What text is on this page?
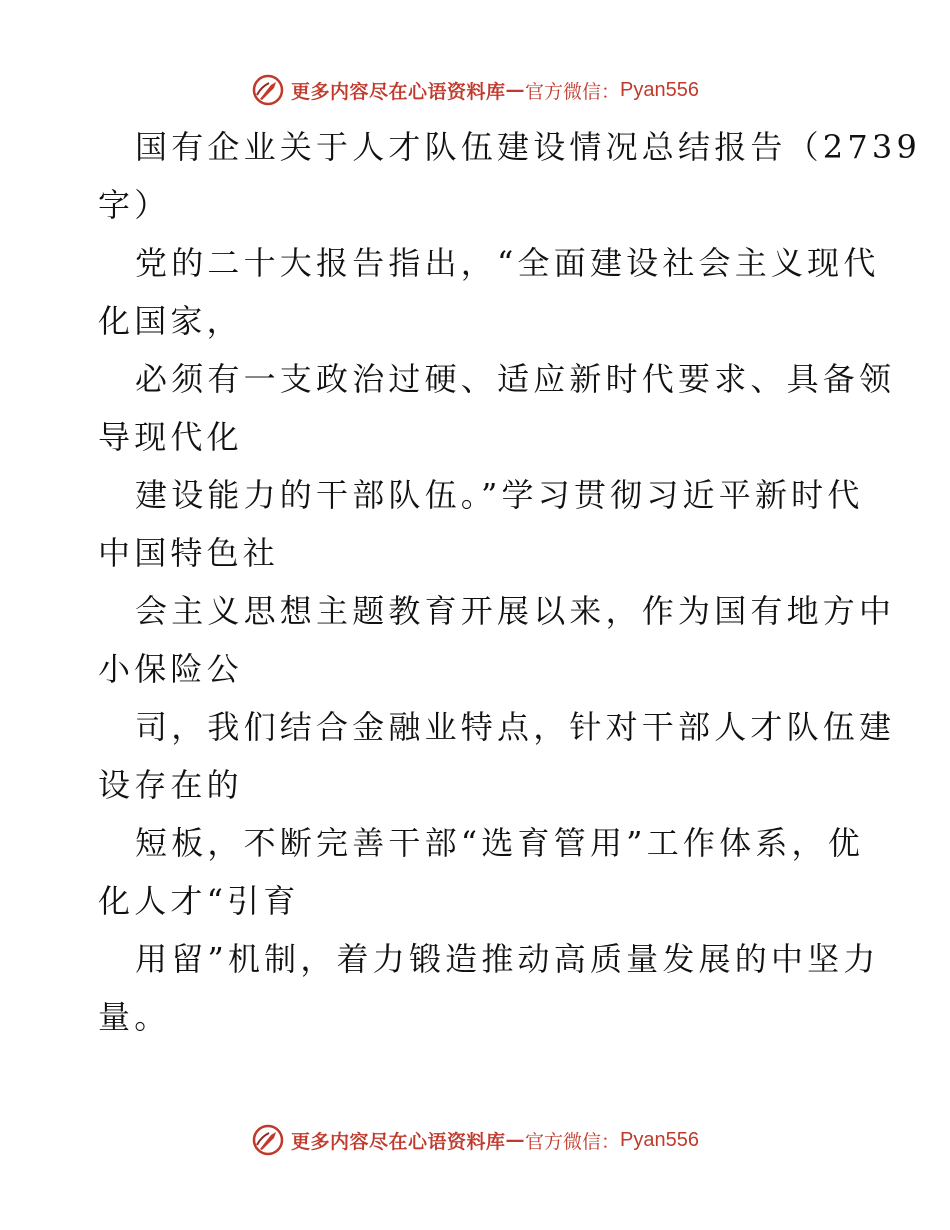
更多内容尽在心语资料库 — 官方微信： Pyan556
国有企业关于人才队伍建设情况总结报告（2739
字）
党的二十大报告指出，“全面建设社会主义现代
化国家，
必须有一支政治过硬、适应新时代要求、具备领
导现代化
建设能力的干部队伍。”学习贯彻习近平新时代
中国特色社
会主义思想主题教育开展以来，作为国有地方中
小保险公
司，我们结合金融业特点，针对干部人才队伍建
设存在的
短板，不断完善干部“选育管用”工作体系，优
化人才“引育
用留”机制，着力锻造推动高质量发展的中坚力
量。
更多内容尽在心语资料库 — 官方微信： Pyan556
